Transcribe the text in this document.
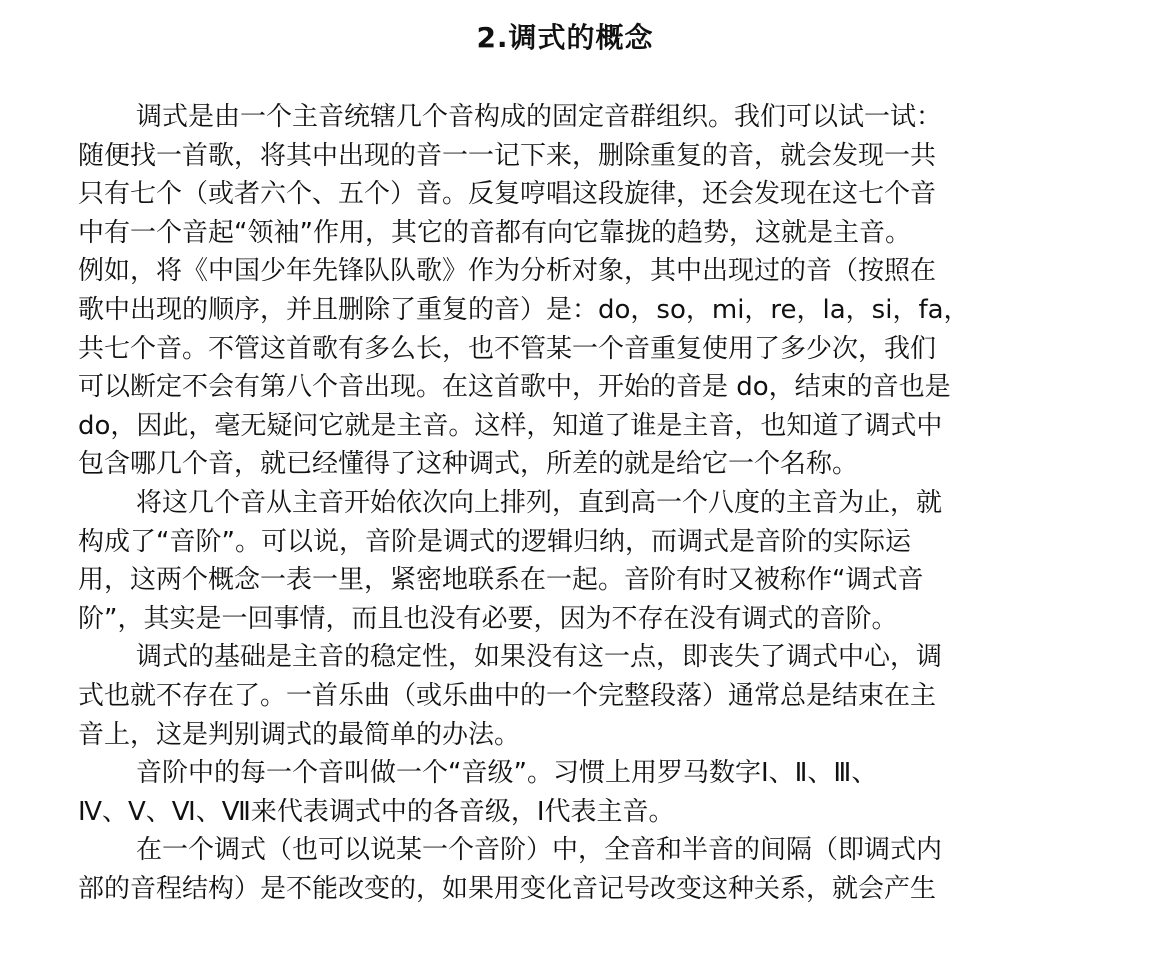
2.调式的概念
调式是由一个主音统辖几个音构成的固定音群组织。我们可以试一试：
随便找一首歌，将其中出现的音一一记下来，删除重复的音，就会发现一共
只有七个（或者六个、五个）音。反复哼唱这段旋律，还会发现在这七个音
中有一个音起“领袖”作用，其它的音都有向它靠拢的趋势，这就是主音。
例如，将《中国少年先锋队队歌》作为分析对象，其中出现过的音（按照在
歌中出现的顺序，并且删除了重复的音）是：do，so，mi，re，la，si，fa，
共七个音。不管这首歌有多么长，也不管某一个音重复使用了多少次，我们
可以断定不会有第八个音出现。在这首歌中，开始的音是 do，结束的音也是
do，因此，毫无疑问它就是主音。这样，知道了谁是主音，也知道了调式中
包含哪几个音，就已经懂得了这种调式，所差的就是给它一个名称。
将这几个音从主音开始依次向上排列，直到高一个八度的主音为止，就
构成了“音阶”。可以说，音阶是调式的逻辑归纳，而调式是音阶的实际运
用，这两个概念一表一里，紧密地联系在一起。音阶有时又被称作“调式音
阶”，其实是一回事情，而且也没有必要，因为不存在没有调式的音阶。
调式的基础是主音的稳定性，如果没有这一点，即丧失了调式中心，调
式也就不存在了。一首乐曲（或乐曲中的一个完整段落）通常总是结束在主
音上，这是判别调式的最简单的办法。
音阶中的每一个音叫做一个“音级”。习惯上用罗马数字Ⅰ、Ⅱ、Ⅲ、
Ⅳ、Ⅴ、Ⅵ、Ⅶ来代表调式中的各音级，Ⅰ代表主音。
在一个调式（也可以说某一个音阶）中，全音和半音的间隔（即调式内
部的音程结构）是不能改变的，如果用变化音记号改变这种关系，就会产生
